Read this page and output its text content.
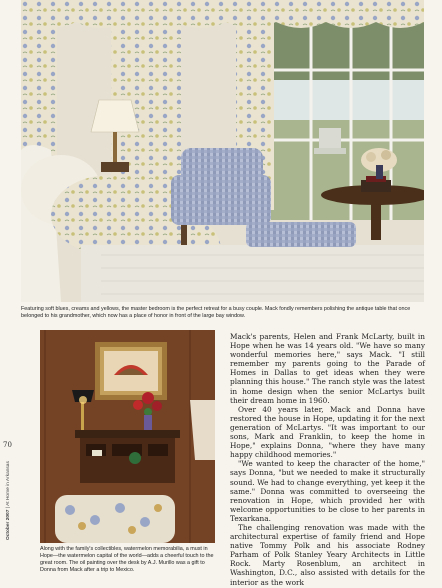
Featuring soft blues, creams and yellows, the master bedroom is the perfect retreat for a busy couple. Mack fondly remembers polishing the antique table that once belonged to his grandmother, which now has a place of honor in front of the large bay window.
Along with the family's collectibles, watermelon memorabilia, a must in Hope—the watermelon capital of the world—adds a cheerful touch to the great room. The oil painting over the desk by A.J. Murillo was a gift to Donna from Mack after a trip to Mexico.

Mack's parents, Helen and Frank McLarty, built in Hope when he was 14 years old. "We have so many wonderful memories here," says Mack. "I still remember my parents going to the Parade of Homes in Dallas to get ideas when they were planning this house." The ranch style was the latest in home design when the senior McLartys built their dream home in 1960.

Over 40 years later, Mack and Donna have restored the house in Hope, updating it for the next generation of McLartys. "It was important to our sons, Mark and Franklin, to keep the home in Hope," explains Donna, "where they have many happy childhood memories."

"We wanted to keep the character of the home," says Donna, "but we needed to make it structurally sound. We had to change everything, yet keep it the same." Donna was committed to overseeing the renovation in Hope, which provided her with welcome opportunities to be close to her parents in Texarkana.

The challenging renovation was made with the architectural expertise of family friend and Hope native Tommy Polk and his associate Rodney Parham of Polk Stanley Yeary Architects in Little Rock. Marty Rosenblum, an architect in Washington, D.C., also assisted with details for the interior as the work

70
October 2007 | At Home in Arkansas
